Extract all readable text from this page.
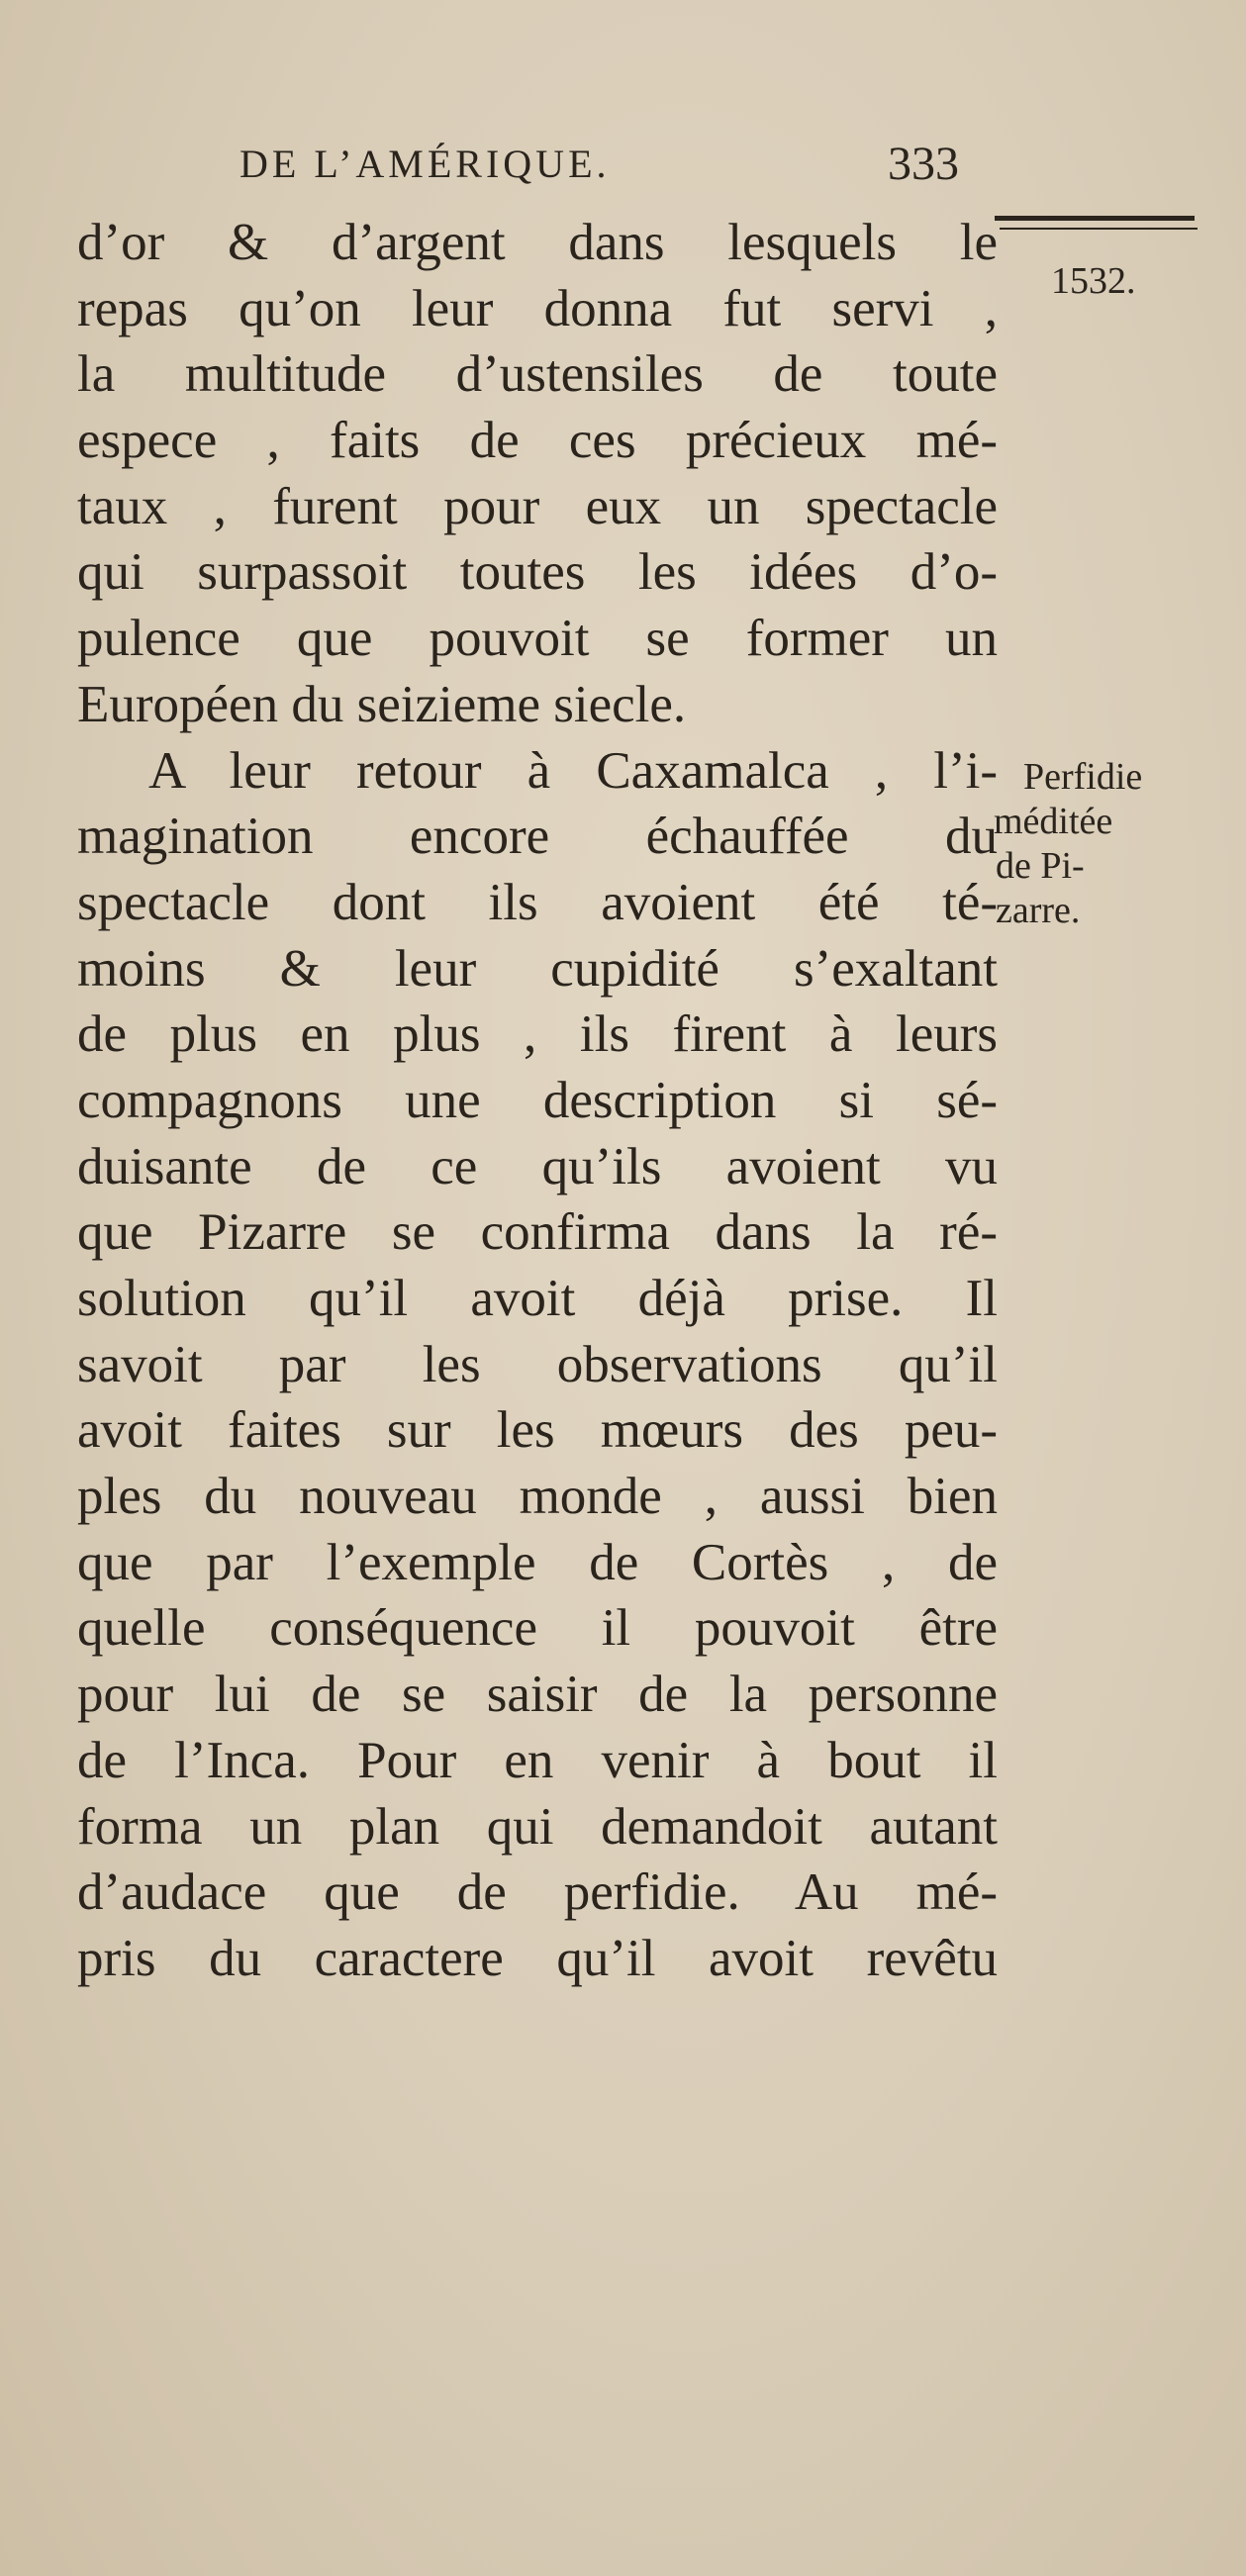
DE L’AMÉRIQUE.	333
1532.
d’or & d’argent dans lesquels le
repas qu’on leur donna fut servi ,
la multitude d’ustensiles de toute
espece , faits de ces précieux mé-
taux , furent pour eux un spectacle
qui surpassoit toutes les idées d’o-
pulence que pouvoit se former un
Européen du seizieme siecle.
A leur retour à Caxamalca , l’i-
magination encore échauffée du
spectacle dont ils avoient été té-
moins & leur cupidité s’exaltant
de plus en plus , ils firent à leurs
compagnons une description si sé-
duisante de ce qu’ils avoient vu
que Pizarre se confirma dans la ré-
solution qu’il avoit déjà prise. Il
savoit par les observations qu’il
avoit faites sur les mœurs des peu-
ples du nouveau monde , aussi bien
que par l’exemple de Cortès , de
quelle conséquence il pouvoit être
pour lui de se saisir de la personne
de l’Inca. Pour en venir à bout il
forma un plan qui demandoit autant
d’audace que de perfidie. Au mé-
pris du caractere qu’il avoit revêtu
Perfidie
méditée
de Pi-
zarre.
